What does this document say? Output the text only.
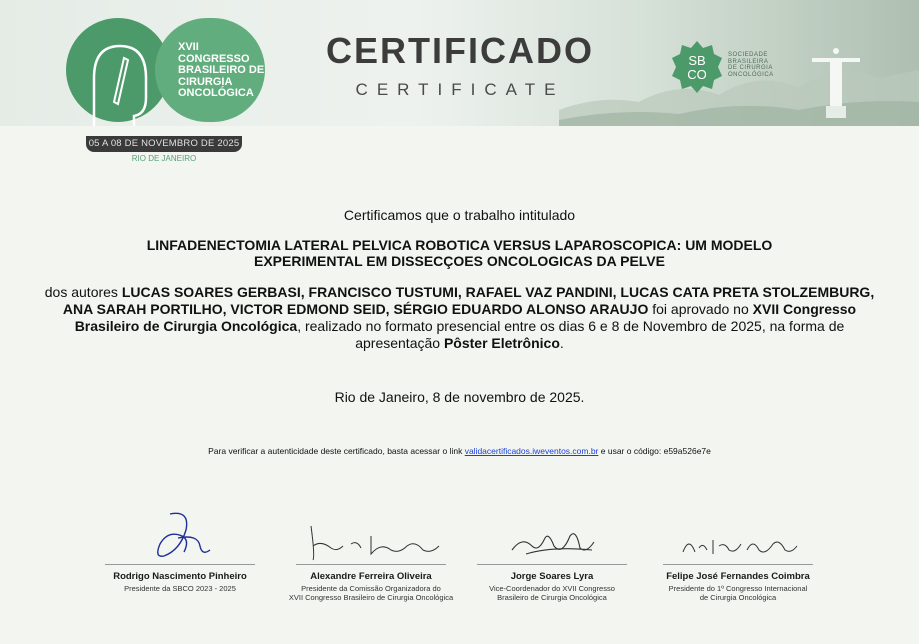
XVII
CONGRESSO
BRASILEIRO DE
CIRURGIA
ONCOLÓGICA
05 A 08 DE NOVEMBRO DE 2025
RIO DE JANEIRO
CERTIFICADO
CERTIFICATE
SB
CO
SOCIEDADE
BRASILEIRA
DE CIRURGIA
ONCOLÓGICA
Certificamos que o trabalho intitulado
LINFADENECTOMIA LATERAL PELVICA ROBOTICA VERSUS LAPAROSCOPICA: UM MODELO
EXPERIMENTAL EM DISSECÇOES ONCOLOGICAS DA PELVE
dos autores LUCAS SOARES GERBASI, FRANCISCO TUSTUMI, RAFAEL VAZ PANDINI, LUCAS CATA PRETA STOLZEMBURG, ANA SARAH PORTILHO, VICTOR EDMOND SEID, SÉRGIO EDUARDO ALONSO ARAUJO foi aprovado no XVII Congresso Brasileiro de Cirurgia Oncológica, realizado no formato presencial entre os dias 6 e 8 de Novembro de 2025, na forma de apresentação Pôster Eletrônico.
Rio de Janeiro, 8 de novembro de 2025.
Para verificar a autenticidade deste certificado, basta acessar o link validacertificados.iweventos.com.br e usar o código: e59a526e7e
Rodrigo Nascimento Pinheiro
Presidente da SBCO 2023 - 2025
Alexandre Ferreira Oliveira
Presidente da Comissão Organizadora do
XVII Congresso Brasileiro de Cirurgia Oncológica
Jorge Soares Lyra
Vice-Coordenador do XVII Congresso
Brasileiro de Cirurgia Oncológica
Felipe José Fernandes Coimbra
Presidente do 1º Congresso Internacional
de Cirurgia Oncológica
